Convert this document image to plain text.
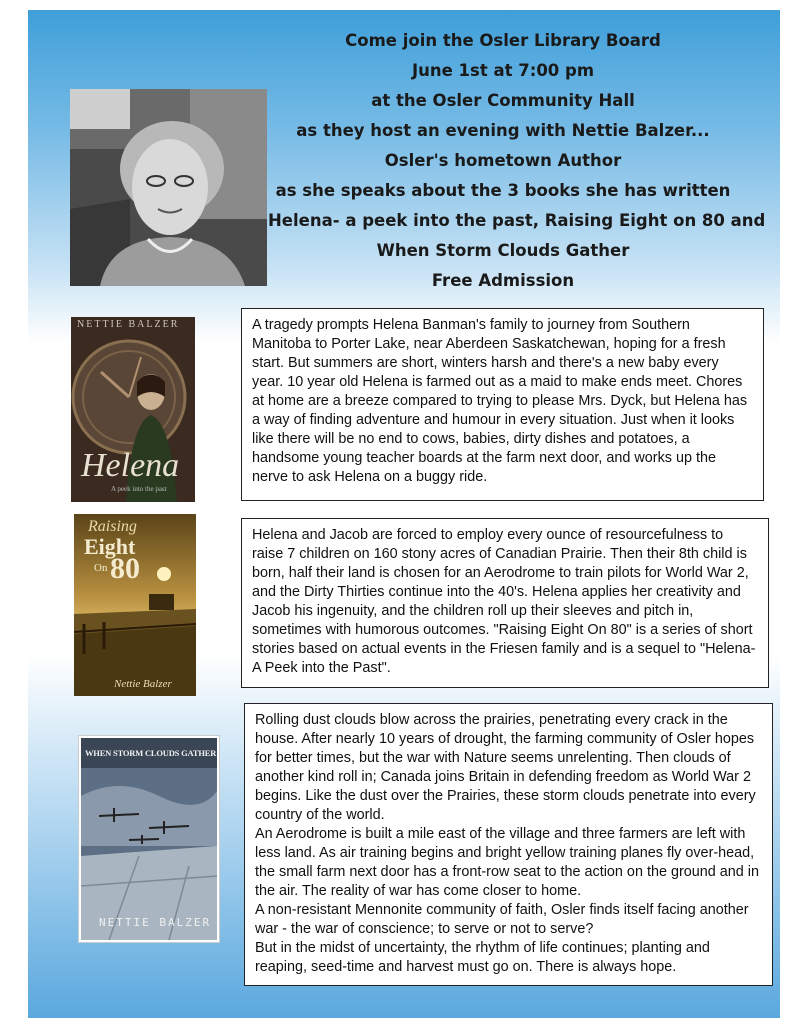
Come join the Osler Library Board
June 1st at 7:00 pm
at the Osler Community Hall
as they host an evening with Nettie Balzer...
Osler's hometown Author
as she speaks about the 3 books she has written
Helena- a peek into the past, Raising Eight on 80 and
When Storm Clouds Gather
Free Admission
NETTIE BALZER
Helena
A peek into the past

A tragedy prompts Helena Banman's family to journey from Southern Manitoba to Porter Lake, near Aberdeen Saskatchewan, hoping for a fresh start. But summers are short, winters harsh and there's a new baby every year. 10 year old Helena is farmed out as a maid to make ends meet. Chores at home are a breeze compared to trying to please Mrs. Dyck, but Helena has a way of finding adventure and humour in every situation. Just when it looks like there will be no end to cows, babies, dirty dishes and potatoes, a handsome young teacher boards at the farm next door, and works up the nerve to ask Helena on a buggy ride.

Raising
Eight
On 80
Nettie Balzer

Helena and Jacob are forced to employ every ounce of resourcefulness to raise 7 children on 160 stony acres of Canadian Prairie. Then their 8th child is born, half their land is chosen for an Aerodrome to train pilots for World War 2, and the Dirty Thirties continue into the 40's. Helena applies her creativity and Jacob his ingenuity, and the children roll up their sleeves and pitch in, sometimes with humorous outcomes. "Raising Eight On 80" is a series of short stories based on actual events in the Friesen family and is a sequel to "Helena-A Peek into the Past".

WHEN STORM CLOUDS GATHER
NETTIE BALZER

Rolling dust clouds blow across the prairies, penetrating every crack in the house. After nearly 10 years of drought, the farming community of Osler hopes for better times, but the war with Nature seems unrelenting. Then clouds of another kind roll in; Canada joins Britain in defending freedom as World War 2 begins. Like the dust over the Prairies, these storm clouds penetrate into every country of the world.

An Aerodrome is built a mile east of the village and three farmers are left with less land. As air training begins and bright yellow training planes fly over-head, the small farm next door has a front-row seat to the action on the ground and in the air. The reality of war has come closer to home.

A non-resistant Mennonite community of faith, Osler finds itself facing another war - the war of conscience; to serve or not to serve?

But in the midst of uncertainty, the rhythm of life continues; planting and reaping, seed-time and harvest must go on. There is always hope.
